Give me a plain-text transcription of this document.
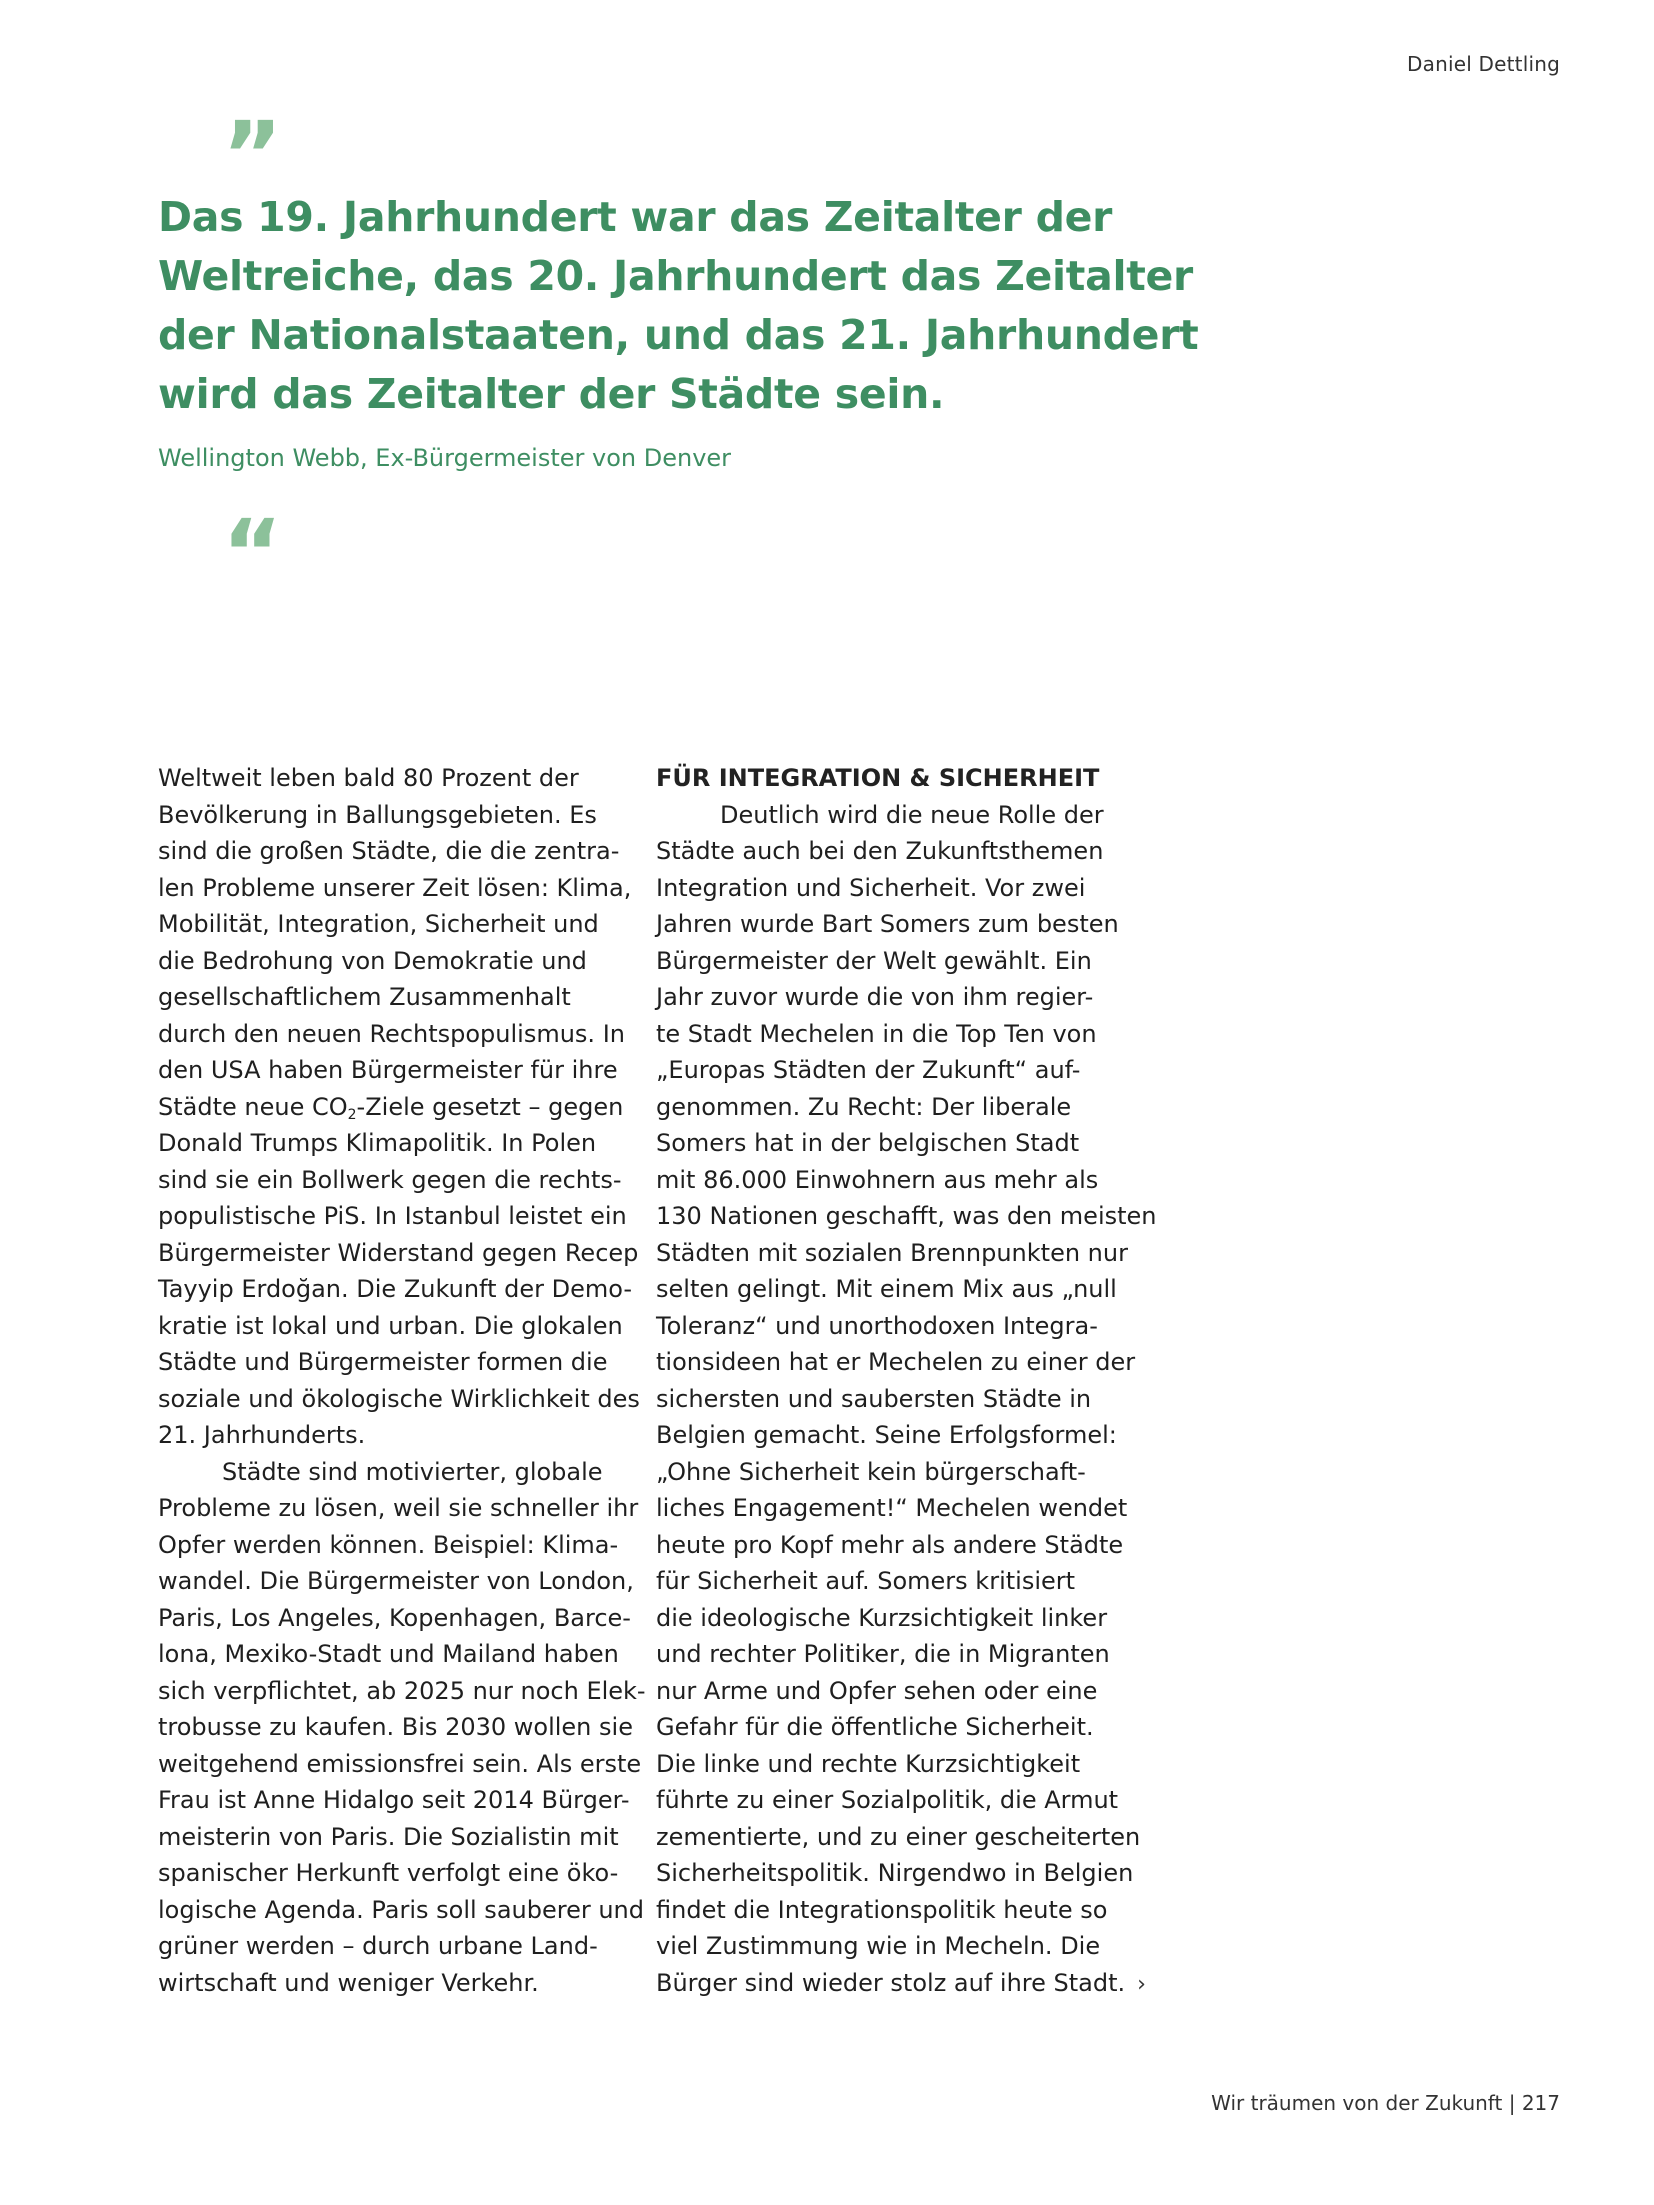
Daniel Dettling
”
Das 19. Jahrhundert war das Zeitalter der
Weltreiche, das 20. Jahrhundert das Zeitalter
der Nationalstaaten, und das 21. Jahrhundert
wird das Zeitalter der Städte sein.
Wellington Webb, Ex-Bürgermeister von Denver
“

Weltweit leben bald 80 Prozent der
Bevölkerung in Ballungsgebieten. Es
sind die großen Städte, die die zentra-
len Probleme unserer Zeit lösen: Klima,
Mobilität, Integration, Sicherheit und
die Bedrohung von Demokratie und
gesellschaftlichem Zusammenhalt
durch den neuen Rechtspopulismus. In
den USA haben Bürgermeister für ihre
Städte neue $CO_2$-Ziele gesetzt – gegen
Donald Trumps Klimapolitik. In Polen
sind sie ein Bollwerk gegen die rechts-
populistische PiS. In Istanbul leistet ein
Bürgermeister Widerstand gegen Recep
Tayyip Erdoğan. Die Zukunft der Demo-
kratie ist lokal und urban. Die glokalen
Städte und Bürgermeister formen die
soziale und ökologische Wirklichkeit des
21. Jahrhunderts.

Städte sind motivierter, globale
Probleme zu lösen, weil sie schneller ihr
Opfer werden können. Beispiel: Klima-
wandel. Die Bürgermeister von London,
Paris, Los Angeles, Kopenhagen, Barce-
lona, Mexiko-Stadt und Mailand haben
sich verpflichtet, ab 2025 nur noch Elek-
trobusse zu kaufen. Bis 2030 wollen sie
weitgehend emissionsfrei sein. Als erste
Frau ist Anne Hidalgo seit 2014 Bürger-
meisterin von Paris. Die Sozialistin mit
spanischer Herkunft verfolgt eine öko-
logische Agenda. Paris soll sauberer und
grüner werden – durch urbane Land-
wirtschaft und weniger Verkehr.

FÜR INTEGRATION & SICHERHEIT

Deutlich wird die neue Rolle der
Städte auch bei den Zukunftsthemen
Integration und Sicherheit. Vor zwei
Jahren wurde Bart Somers zum besten
Bürgermeister der Welt gewählt. Ein
Jahr zuvor wurde die von ihm regier-
te Stadt Mechelen in die Top Ten von
„Europas Städten der Zukunft“ auf-
genommen. Zu Recht: Der liberale
Somers hat in der belgischen Stadt
mit 86.000 Einwohnern aus mehr als
130 Nationen geschafft, was den meisten
Städten mit sozialen Brennpunkten nur
selten gelingt. Mit einem Mix aus „null
Toleranz“ und unorthodoxen Integra-
tionsideen hat er Mechelen zu einer der
sichersten und saubersten Städte in
Belgien gemacht. Seine Erfolgsformel:
„Ohne Sicherheit kein bürgerschaft-
liches Engagement!“ Mechelen wendet
heute pro Kopf mehr als andere Städte
für Sicherheit auf. Somers kritisiert
die ideologische Kurzsichtigkeit linker
und rechter Politiker, die in Migranten
nur Arme und Opfer sehen oder eine
Gefahr für die öffentliche Sicherheit.
Die linke und rechte Kurzsichtigkeit
führte zu einer Sozialpolitik, die Armut
zementierte, und zu einer gescheiterten
Sicherheitspolitik. Nirgendwo in Belgien
findet die Integrationspolitik heute so
viel Zustimmung wie in Mecheln. Die
Bürger sind wieder stolz auf ihre Stadt. ›

Wir träumen von der Zukunft | 217
